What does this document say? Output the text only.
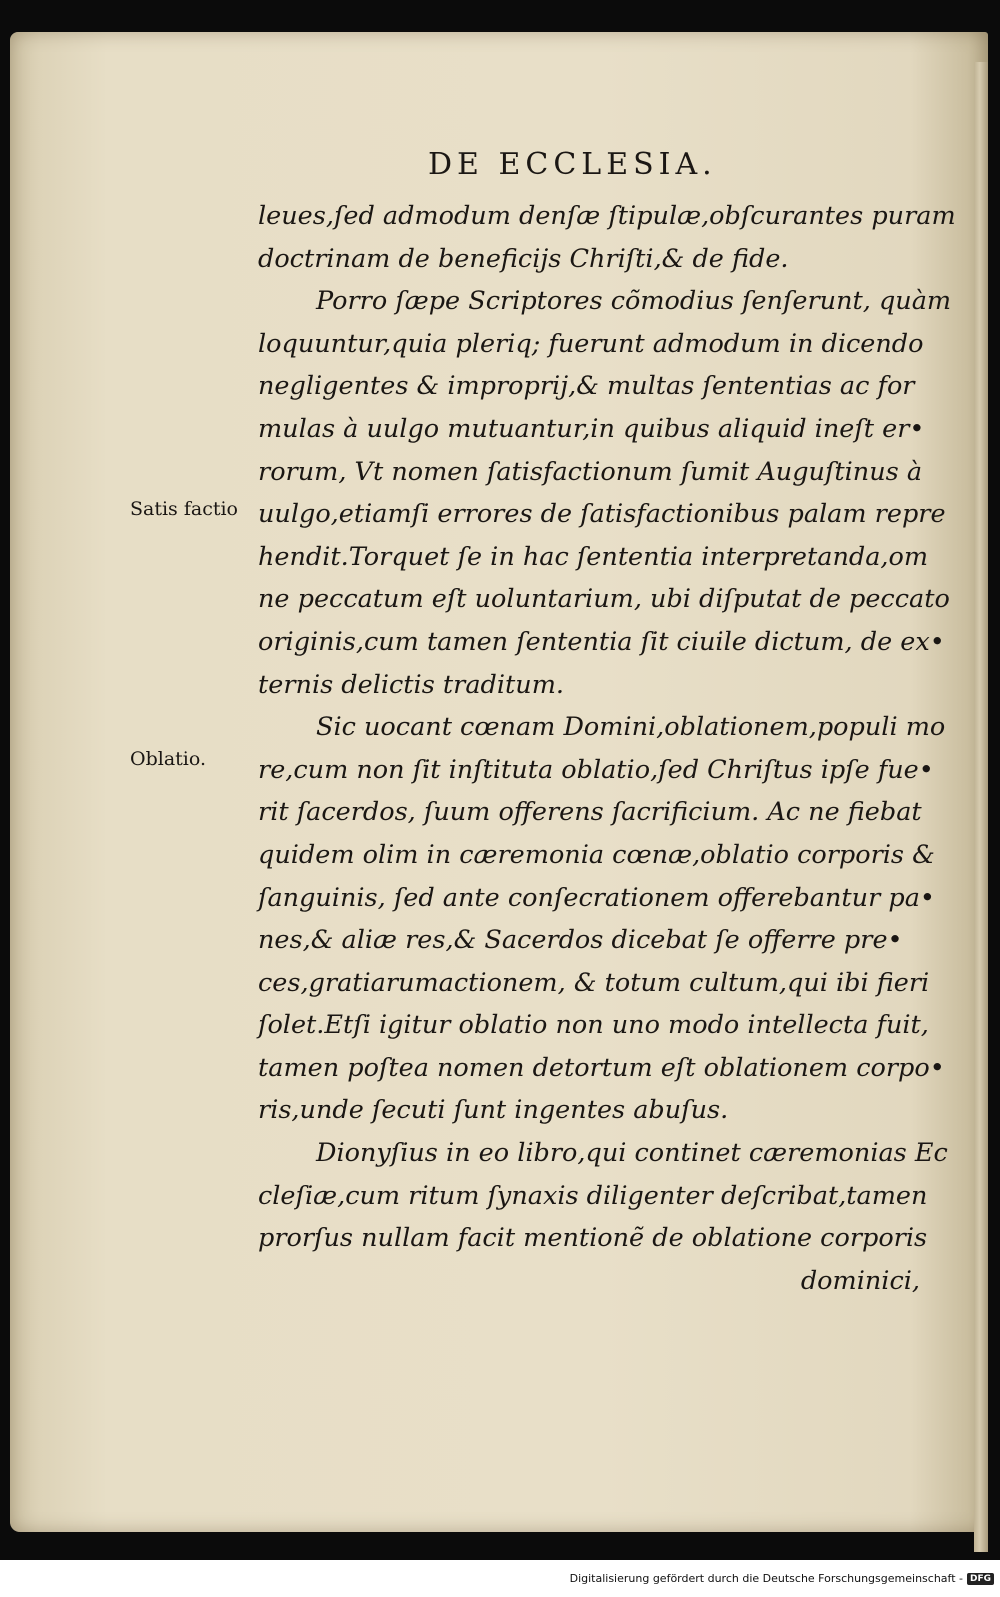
DE ECCLESIA.
leues,ſed admodum denſæ ſtipulæ,obſcurantes puram
doctrinam de beneficijs Chriſti,& de fide.
Porro ſæpe Scriptores cõmodius ſenſerunt, quàm
loquuntur,quia pleriq; fuerunt admodum in dicendo
negligentes & improprij,& multas ſententias ac for
mulas à uulgo mutuantur,in quibus aliquid ineſt er•
rorum, Vt nomen ſatisfactionum ſumit Auguſtinus à
uulgo,etiamſi errores de ſatisfactionibus palam repre
hendit.Torquet ſe in hac ſententia interpretanda,om
ne peccatum eſt uoluntarium, ubi diſputat de peccato
originis,cum tamen ſententia ſit ciuile dictum, de ex•
ternis delictis traditum.
Sic uocant cœnam Domini,oblationem,populi mo
re,cum non ſit inſtituta oblatio,ſed Chriſtus ipſe fue•
rit ſacerdos, ſuum offerens ſacrificium. Ac ne fiebat
quidem olim in cæremonia cœnæ,oblatio corporis &
ſanguinis, ſed ante conſecrationem offerebantur pa•
nes,& aliæ res,& Sacerdos dicebat ſe offerre pre•
ces,gratiarumactionem, & totum cultum,qui ibi fieri
ſolet.Etſi igitur oblatio non uno modo intellecta fuit,
tamen poſtea nomen detortum eſt oblationem corpo•
ris,unde ſecuti ſunt ingentes abuſus.
Dionyſius in eo libro,qui continet cæremonias Ec
cleſiæ,cum ritum ſynaxis diligenter deſcribat,tamen
prorſus nullam facit mentionẽ de oblatione corporis
dominici,
Satis factio
Oblatio.
Digitalisierung gefördert durch die Deutsche Forschungsgemeinschaft - DFG
